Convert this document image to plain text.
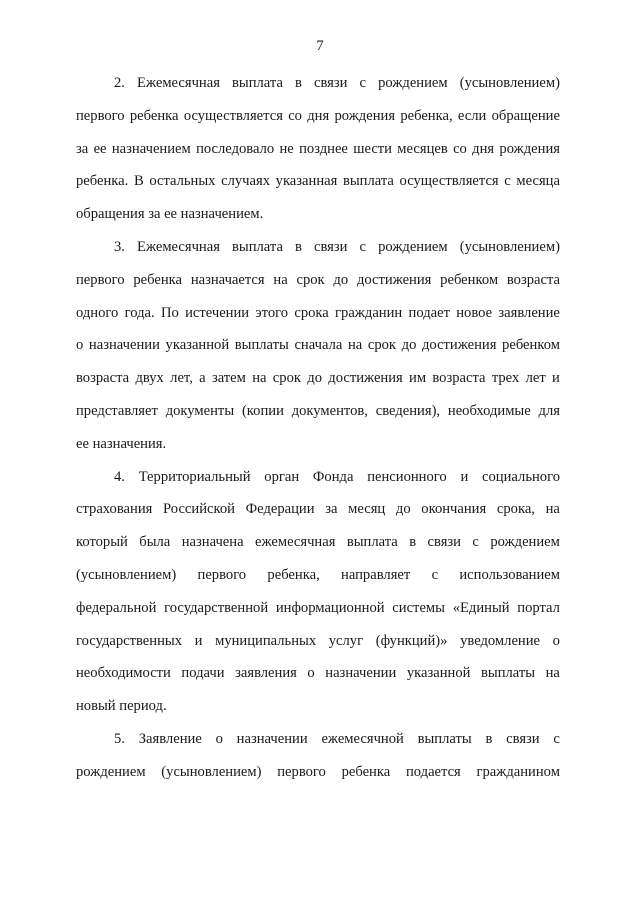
7
2. Ежемесячная выплата в связи с рождением (усыновлением)
первого ребенка осуществляется со дня рождения ребенка, если обращение
за ее назначением последовало не позднее шести месяцев со дня рождения
ребенка. В остальных случаях указанная выплата осуществляется с месяца
обращения за ее назначением.
3. Ежемесячная выплата в связи с рождением (усыновлением)
первого ребенка назначается на срок до достижения ребенком возраста
одного года. По истечении этого срока гражданин подает новое заявление
о назначении указанной выплаты сначала на срок до достижения ребенком
возраста двух лет, а затем на срок до достижения им возраста трех лет и
представляет документы (копии документов, сведения), необходимые для
ее назначения.
4. Территориальный орган Фонда пенсионного и социального
страхования Российской Федерации за месяц до окончания срока, на
который была назначена ежемесячная выплата в связи с рождением
(усыновлением) первого ребенка, направляет с использованием
федеральной государственной информационной системы «Единый портал
государственных и муниципальных услуг (функций)» уведомление о
необходимости подачи заявления о назначении указанной выплаты на
новый период.
5. Заявление о назначении ежемесячной выплаты в связи с
рождением (усыновлением) первого ребенка подается гражданином
